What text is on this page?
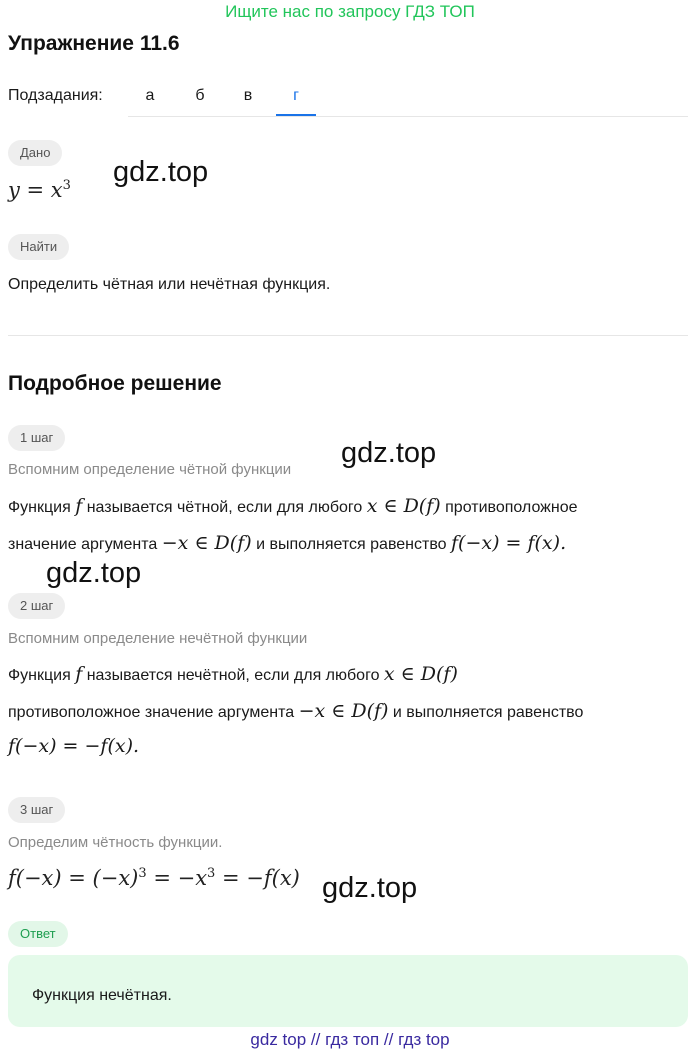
Ищите нас по запросу ГДЗ ТОП
Упражнение 11.6
Подзадания:	а	б	в	г
Дано
$y = x^3$ gdz.top
Найти
Определить чётная или нечётная функция.
Подробное решение
1 шаг
Вспомним определение чётной функции
gdz.top
Функция f называется чётной, если для любого x ∈ D(f) противоположное
значение аргумента −x ∈ D(f) и выполняется равенство f(−x) = f(x).
gdz.top
2 шаг
Вспомним определение нечётной функции
Функция f называется нечётной, если для любого x ∈ D(f)
противоположное значение аргумента −x ∈ D(f) и выполняется равенство
f(−x) = −f(x).
3 шаг
Определим чётность функции.
$f(-x) = (-x)^3 = -x^3 = -f(x)$ gdz.top
Ответ
Функция нечётная.
gdz top // гдз топ // гдз top
